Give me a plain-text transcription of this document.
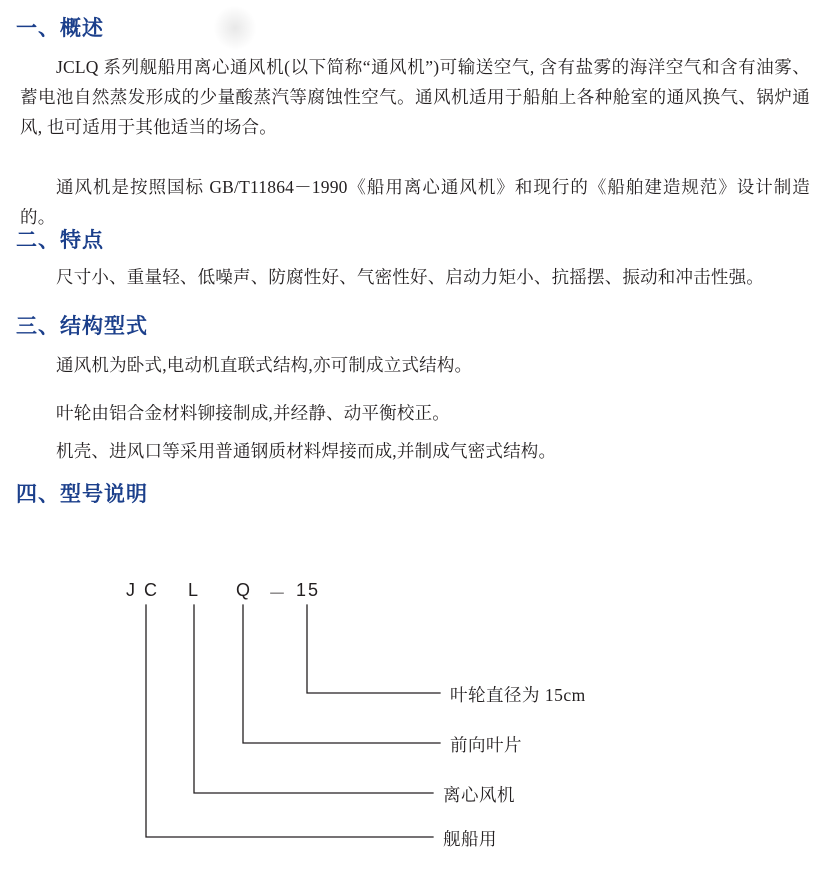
一、概述

JCLQ 系列舰船用离心通风机(以下简称“通风机”)可输送空气, 含有盐雾的海洋空气和含有油雾、蓄电池自然蒸发形成的少量酸蒸汽等腐蚀性空气。通风机适用于船舶上各种舱室的通风换气、锅炉通风, 也可适用于其他适当的场合。

通风机是按照国标 GB/T11864－1990《船用离心通风机》和现行的《船舶建造规范》设计制造的。

二、特点

尺寸小、重量轻、低噪声、防腐性好、气密性好、启动力矩小、抗摇摆、振动和冲击性强。

三、结构型式

通风机为卧式,电动机直联式结构,亦可制成立式结构。

叶轮由铝合金材料铆接制成,并经静、动平衡校正。

机壳、进风口等采用普通钢质材料焊接而成,并制成气密式结构。

四、型号说明
J C L Q － 15
叶轮直径为 15cm
前向叶片
离心风机
舰船用
